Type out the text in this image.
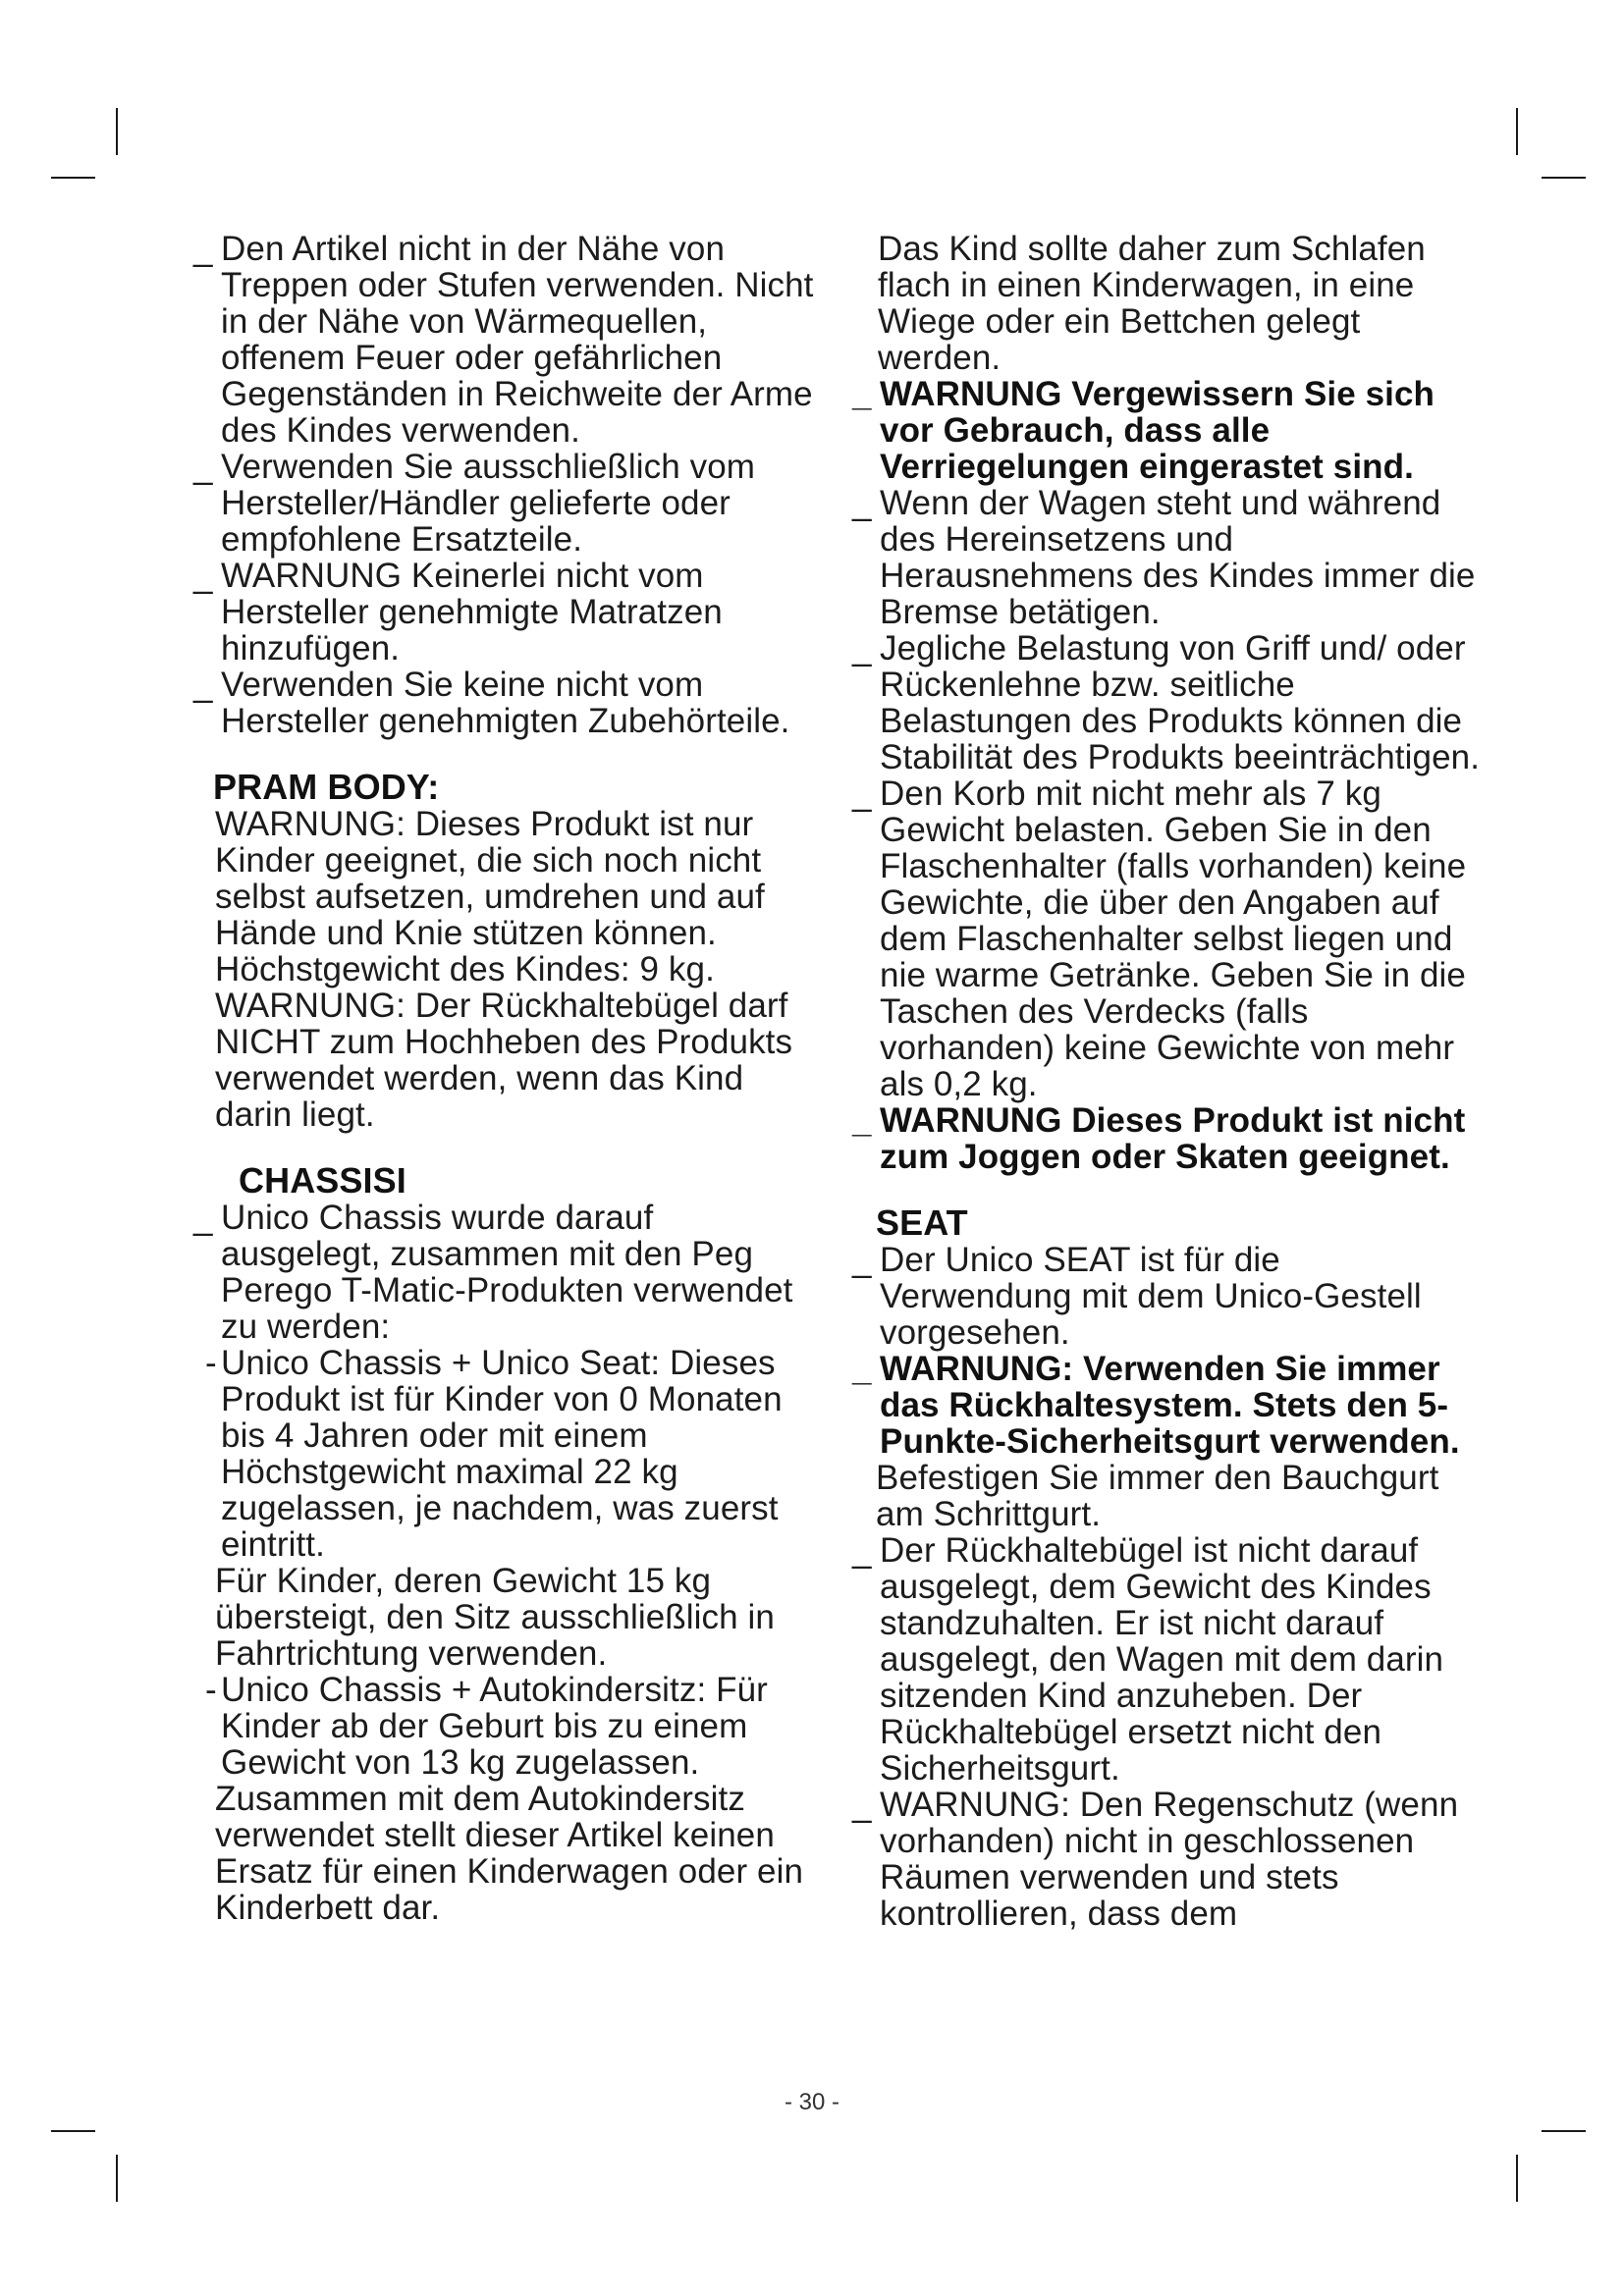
_ Den Artikel nicht in der Nähe von Treppen oder Stufen verwenden. Nicht in der Nähe von Wärmequellen, offenem Feuer oder gefährlichen Gegenständen in Reichweite der Arme des Kindes verwenden.

_ Verwenden Sie ausschließlich vom Hersteller/Händler gelieferte oder empfohlene Ersatzteile.

_ WARNUNG Keinerlei nicht vom Hersteller genehmigte Matratzen hinzufügen.

_ Verwenden Sie keine nicht vom Hersteller genehmigten Zubehörteile.

PRAM BODY:

WARNUNG: Dieses Produkt ist nur Kinder geeignet, die sich noch nicht selbst aufsetzen, umdrehen und auf Hände und Knie stützen können. Höchstgewicht des Kindes: 9 kg.

WARNUNG: Der Rückhaltebügel darf NICHT zum Hochheben des Produkts verwendet werden, wenn das Kind darin liegt.

CHASSISI

_ Unico Chassis wurde darauf ausgelegt, zusammen mit den Peg Perego T-Matic-Produkten verwendet zu werden:

- Unico Chassis + Unico Seat: Dieses Produkt ist für Kinder von 0 Monaten bis 4 Jahren oder mit einem Höchstgewicht maximal 22 kg zugelassen, je nachdem, was zuerst eintritt.

Für Kinder, deren Gewicht 15 kg übersteigt, den Sitz ausschließlich in Fahrtrichtung verwenden.

- Unico Chassis + Autokindersitz: Für Kinder ab der Geburt bis zu einem Gewicht von 13 kg zugelassen.

Zusammen mit dem Autokindersitz verwendet stellt dieser Artikel keinen Ersatz für einen Kinderwagen oder ein Kinderbett dar.

Das Kind sollte daher zum Schlafen flach in einen Kinderwagen, in eine Wiege oder ein Bettchen gelegt werden.

_ WARNUNG Vergewissern Sie sich vor Gebrauch, dass alle Verriegelungen eingerastet sind.

_ Wenn der Wagen steht und während des Hereinsetzens und Herausnehmens des Kindes immer die Bremse betätigen.

_ Jegliche Belastung von Griff und/ oder Rückenlehne bzw. seitliche Belastungen des Produkts können die Stabilität des Produkts beeinträchtigen.

_ Den Korb mit nicht mehr als 7 kg Gewicht belasten. Geben Sie in den Flaschenhalter (falls vorhanden) keine Gewichte, die über den Angaben auf dem Flaschenhalter selbst liegen und nie warme Getränke. Geben Sie in die Taschen des Verdecks (falls vorhanden) keine Gewichte von mehr als 0,2 kg.

_ WARNUNG Dieses Produkt ist nicht zum Joggen oder Skaten geeignet.

SEAT

_ Der Unico SEAT ist für die Verwendung mit dem Unico-Gestell vorgesehen.

_ WARNUNG: Verwenden Sie immer das Rückhaltesystem. Stets den 5-Punkte-Sicherheitsgurt verwenden.

Befestigen Sie immer den Bauchgurt am Schrittgurt.

_ Der Rückhaltebügel ist nicht darauf ausgelegt, dem Gewicht des Kindes standzuhalten. Er ist nicht darauf ausgelegt, den Wagen mit dem darin sitzenden Kind anzuheben. Der Rückhaltebügel ersetzt nicht den Sicherheitsgurt.

_ WARNUNG: Den Regenschutz (wenn vorhanden) nicht in geschlossenen Räumen verwenden und stets kontrollieren, dass dem

- 30 -
